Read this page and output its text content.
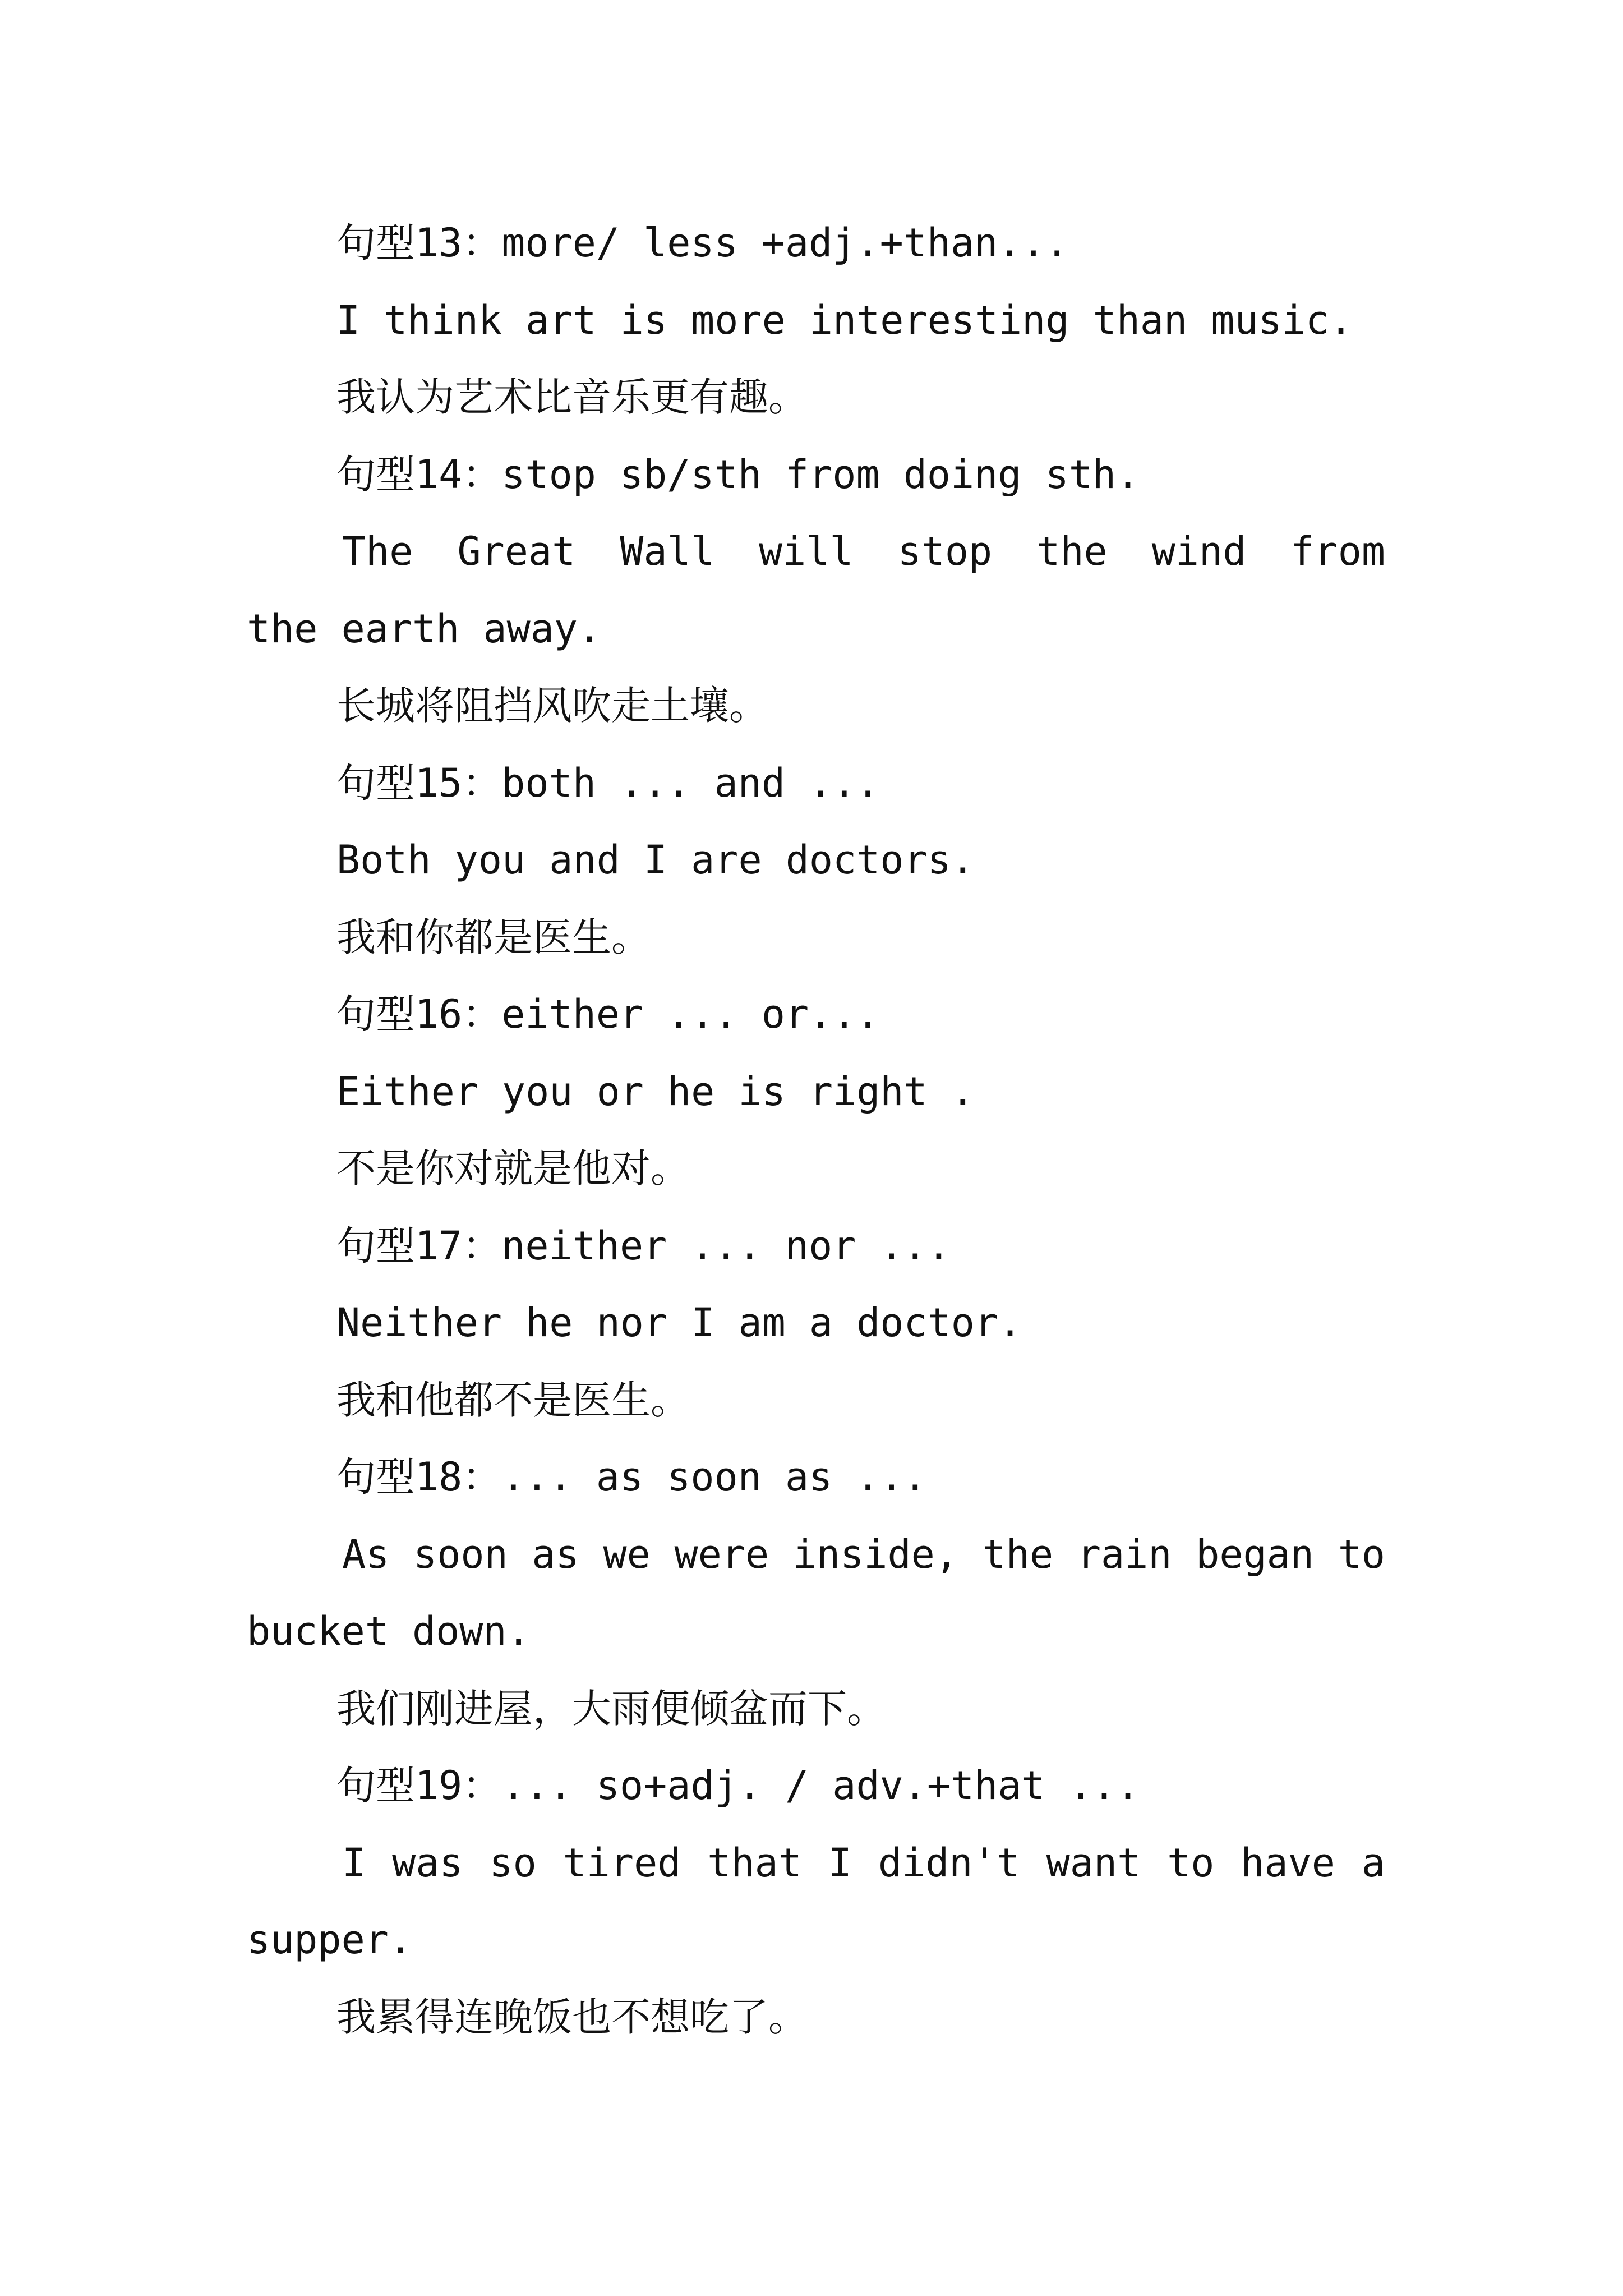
句型13：more/ less +adj.+than...
I think art is more interesting than music.
我认为艺术比音乐更有趣。
句型14：stop sb/sth from doing sth.
The Great Wall will stop the wind from
the earth away.
长城将阻挡风吹走土壤。
句型15：both ... and ...
Both you and I are doctors.
我和你都是医生。
句型16：either ... or...
Either you or he is right .
不是你对就是他对。
句型17：neither ... nor ...
Neither he nor I am a doctor.
我和他都不是医生。
句型18：... as soon as ...
As soon as we were inside, the rain began to
bucket down.
我们刚进屋，大雨便倾盆而下。
句型19：... so+adj. / adv.+that ...
I was so tired that I didn't want to have a
supper.
我累得连晚饭也不想吃了。
